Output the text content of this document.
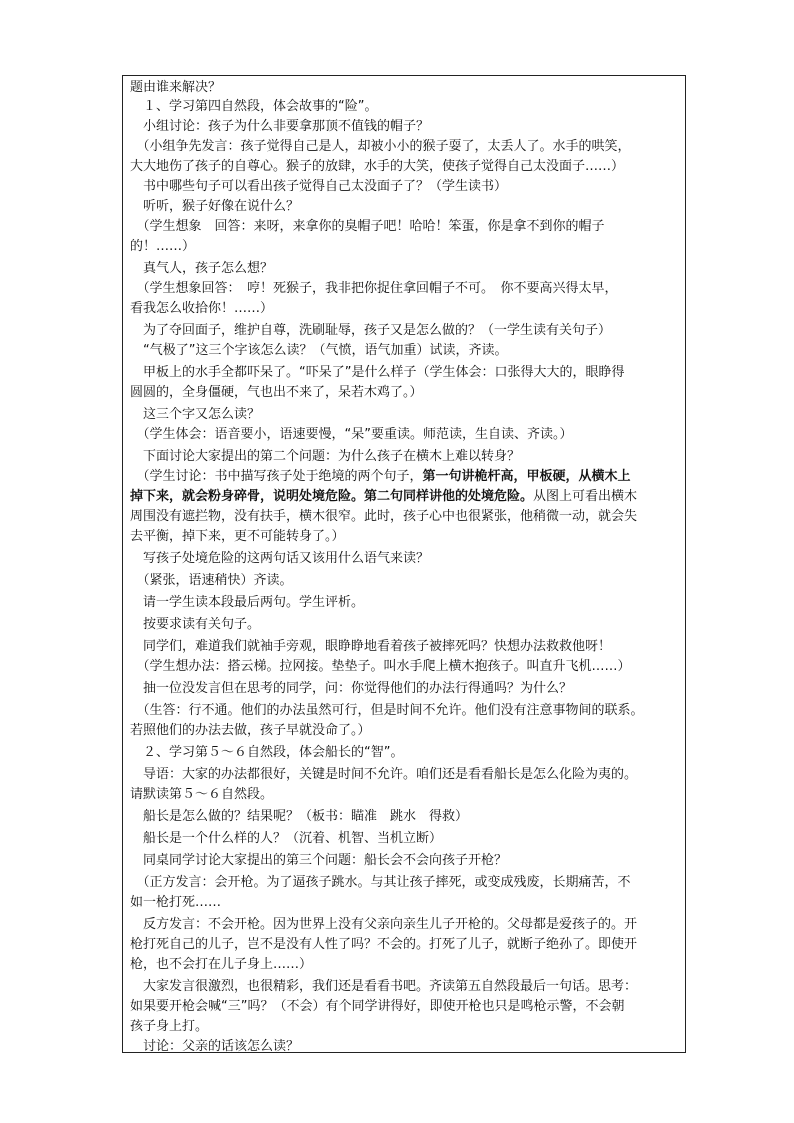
题由谁来解决？
　１、学习第四自然段，体会故事的“险”。
　小组讨论：孩子为什么非要拿那顶不值钱的帽子？
　（小组争先发言：孩子觉得自己是人，却被小小的猴子耍了，太丢人了。水手的哄笑，
大大地伤了孩子的自尊心。猴子的放肆，水手的大笑，使孩子觉得自己太没面子……）
　书中哪些句子可以看出孩子觉得自己太没面子了？（学生读书）
　听听，猴子好像在说什么？
　（学生想象　回答：来呀，来拿你的臭帽子吧！哈哈！笨蛋，你是拿不到你的帽子
的！……）
　真气人，孩子怎么想？
　（学生想象回答：　哼！死猴子，我非把你捉住拿回帽子不可。　你不要高兴得太早，
看我怎么收拾你！……）
　为了夺回面子，维护自尊，洗刷耻辱，孩子又是怎么做的？（一学生读有关句子）
　“气极了”这三个字该怎么读？（气愤，语气加重）试读，齐读。
　甲板上的水手全都吓呆了。“吓呆了”是什么样子（学生体会：口张得大大的，眼睁得
圆圆的，全身僵硬，气也出不来了，呆若木鸡了。）
　这三个字又怎么读？
　（学生体会：语音要小，语速要慢，“呆”要重读。师范读，生自读、齐读。）
　下面讨论大家提出的第二个问题：为什么孩子在横木上难以转身？
　（学生讨论：书中描写孩子处于绝境的两个句子，第一句讲桅杆高，甲板硬，从横木上
掉下来，就会粉身碎骨，说明处境危险。第二句同样讲他的处境危险。从图上可看出横木
周围没有遮拦物，没有扶手，横木很窄。此时，孩子心中也很紧张，他稍微一动，就会失
去平衡，掉下来，更不可能转身了。）
　写孩子处境危险的这两句话又该用什么语气来读？
　（紧张，语速稍快）齐读。
　请一学生读本段最后两句。学生评析。
　按要求读有关句子。
　同学们，难道我们就袖手旁观，眼睁睁地看着孩子被摔死吗？快想办法救救他呀！
　（学生想办法：搭云梯。拉网接。垫垫子。叫水手爬上横木抱孩子。叫直升飞机……）
　抽一位没发言但在思考的同学，问：你觉得他们的办法行得通吗？为什么？
　（生答：行不通。他们的办法虽然可行，但是时间不允许。他们没有注意事物间的联系。
若照他们的办法去做，孩子早就没命了。）
　２、学习第５～６自然段，体会船长的“智”。
　导语：大家的办法都很好，关键是时间不允许。咱们还是看看船长是怎么化险为夷的。
请默读第５～６自然段。
　船长是怎么做的？结果呢？（板书：瞄准　跳水　得救）
　船长是一个什么样的人？（沉着、机智、当机立断）
　同桌同学讨论大家提出的第三个问题：船长会不会向孩子开枪？
　（正方发言：会开枪。为了逼孩子跳水。与其让孩子摔死，或变成残废，长期痛苦，不
如一枪打死……
　反方发言：不会开枪。因为世界上没有父亲向亲生儿子开枪的。父母都是爱孩子的。开
枪打死自己的儿子，岂不是没有人性了吗？不会的。打死了儿子，就断子绝孙了。即使开
枪，也不会打在儿子身上……）
　大家发言很激烈，也很精彩，我们还是看看书吧。齐读第五自然段最后一句话。思考：
如果要开枪会喊“三”吗？（不会）有个同学讲得好，即使开枪也只是鸣枪示警，不会朝
孩子身上打。
　讨论：父亲的话该怎么读？
